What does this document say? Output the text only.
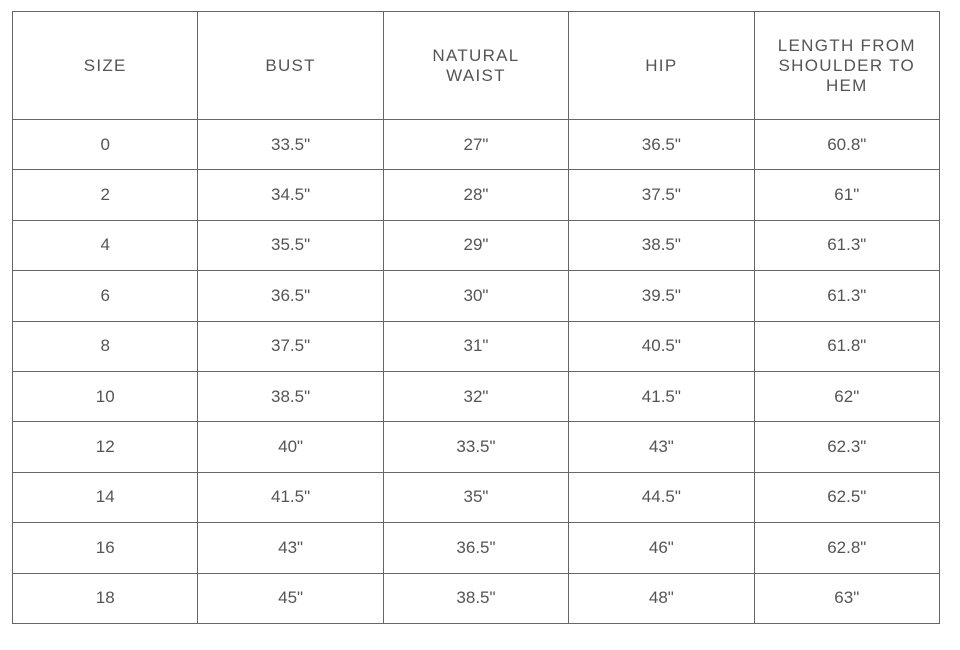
SIZE	BUST	NATURAL WAIST	HIP	LENGTH FROM SHOULDER TO HEM
0	33.5"	27"	36.5"	60.8"
2	34.5"	28"	37.5"	61"
4	35.5"	29"	38.5"	61.3"
6	36.5"	30"	39.5"	61.3"
8	37.5"	31"	40.5"	61.8"
10	38.5"	32"	41.5"	62"
12	40"	33.5"	43"	62.3"
14	41.5"	35"	44.5"	62.5"
16	43"	36.5"	46"	62.8"
18	45"	38.5"	48"	63"
